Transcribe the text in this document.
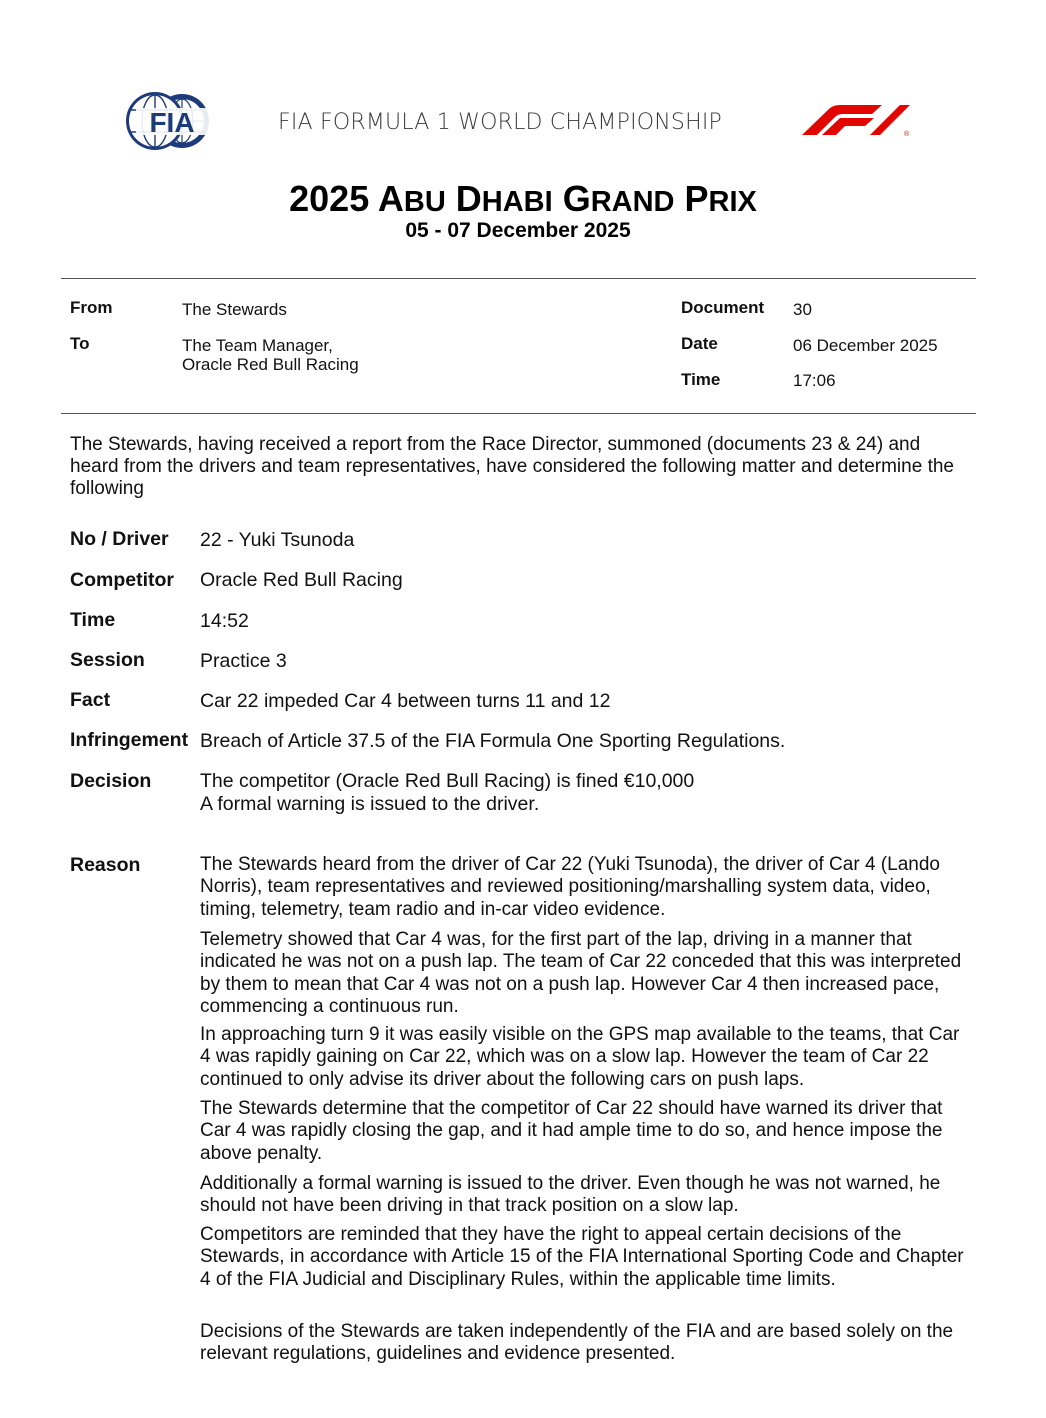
FIA	FIA FORMULA 1 WORLD CHAMPIONSHIP	®
2025 ABU DHABI GRAND PRIX
05 - 07 December 2025
From	The Stewards
To	The Team Manager,
Oracle Red Bull Racing
Document 30
Date	06 December 2025
Time	17:06
The Stewards, having received a report from the Race Director, summoned (documents 23 & 24) and heard from the drivers and team representatives, have considered the following matter and determine the following
No / Driver 22 - Yuki Tsunoda
Competitor Oracle Red Bull Racing
Time	14:52
Session	Practice 3
Fact	Car 22 impeded Car 4 between turns 11 and 12
Infringement Breach of Article 37.5 of the FIA Formula One Sporting Regulations.
Decision The competitor (Oracle Red Bull Racing) is fined €10,000
A formal warning is issued to the driver.
Reason	The Stewards heard from the driver of Car 22 (Yuki Tsunoda), the driver of Car 4 (Lando Norris), team representatives and reviewed positioning/marshalling system data, video, timing, telemetry, team radio and in-car video evidence.
Telemetry showed that Car 4 was, for the first part of the lap, driving in a manner that indicated he was not on a push lap. The team of Car 22 conceded that this was interpreted by them to mean that Car 4 was not on a push lap. However Car 4 then increased pace, commencing a continuous run.
In approaching turn 9 it was easily visible on the GPS map available to the teams, that Car 4 was rapidly gaining on Car 22, which was on a slow lap. However the team of Car 22 continued to only advise its driver about the following cars on push laps.
The Stewards determine that the competitor of Car 22 should have warned its driver that Car 4 was rapidly closing the gap, and it had ample time to do so, and hence impose the above penalty.
Additionally a formal warning is issued to the driver. Even though he was not warned, he should not have been driving in that track position on a slow lap.
Competitors are reminded that they have the right to appeal certain decisions of the Stewards, in accordance with Article 15 of the FIA International Sporting Code and Chapter 4 of the FIA Judicial and Disciplinary Rules, within the applicable time limits.
Decisions of the Stewards are taken independently of the FIA and are based solely on the relevant regulations, guidelines and evidence presented.
